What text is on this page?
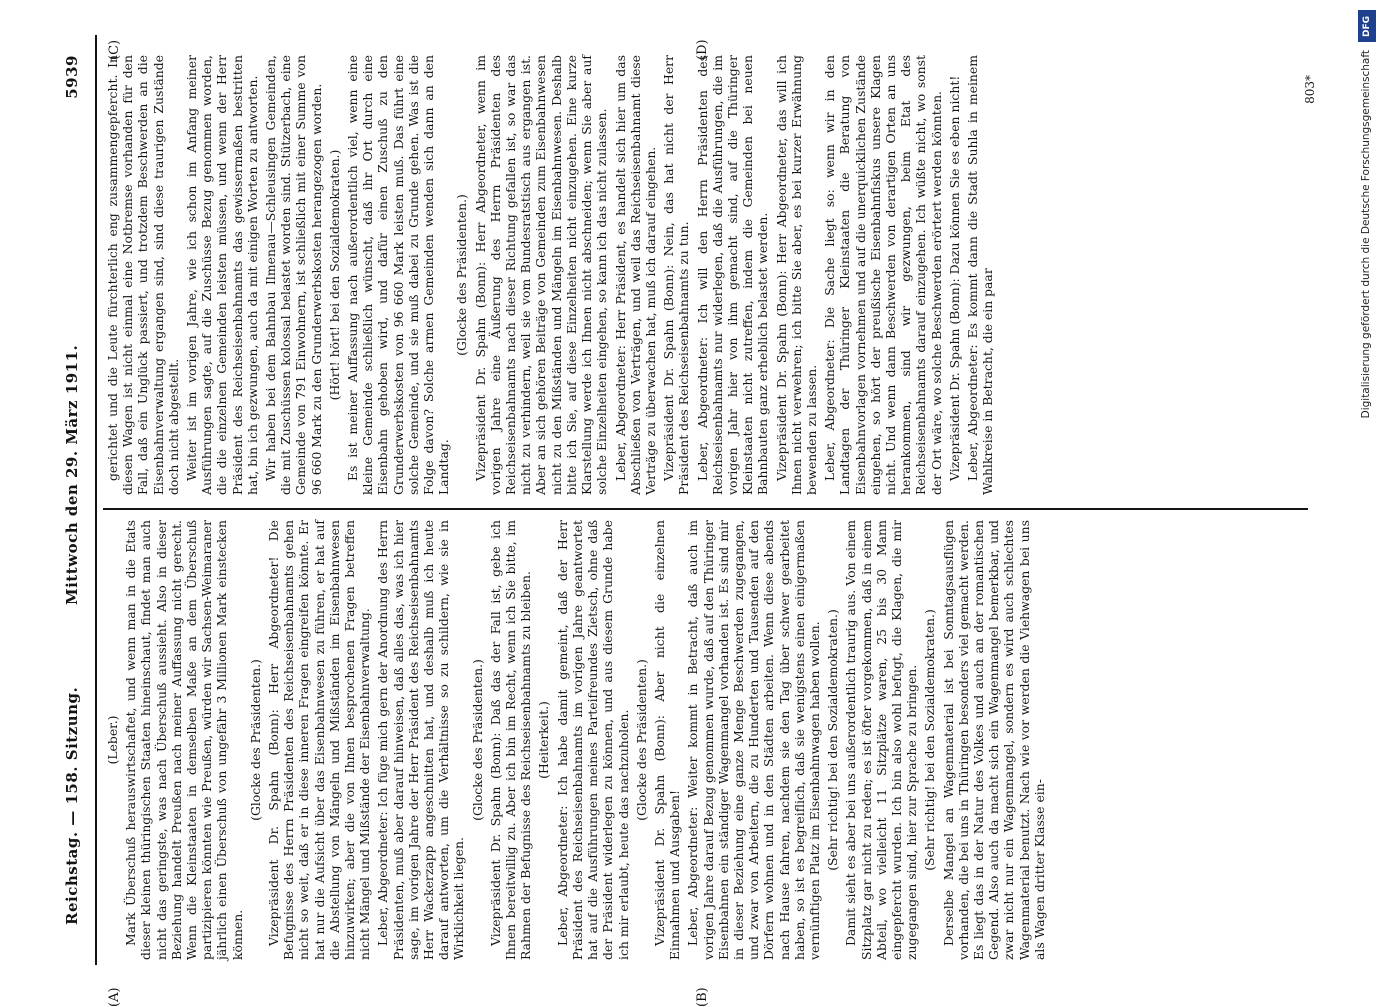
Reichstag. — 158. Sitzung.
Mittwoch den 29. März 1911.
5939
(A)	(B)
(C)	(D)

(Leber.) Mark Überschuß herauswirtschaftet, und wenn man in die Etats dieser kleinen thüringischen Staaten hineinschaut, findet man auch nicht das geringste, was nach Überschuß aussieht. Also in dieser Beziehung handelt Preußen nach meiner Auffassung nicht gerecht. Wenn die Kleinstaaten in demselben Maße an dem Überschuß partizipieren könnten wie Preußen, würden wir Sachsen-Weimaraner jährlich einen Überschuß von ungefähr 3 Millionen Mark einstecken können.

(Glocke des Präsidenten.) Vizepräsident Dr. Spahn (Bonn): Herr Abgeordneter! Die Befugnisse des Herrn Präsidenten des Reichseisenbahnamts gehen nicht so weit, daß er in diese inneren Fragen eingreifen könnte. Er hat nur die Aufsicht über das Eisenbahnwesen zu führen, er hat auf die Abstellung von Mängeln und Mißständen im Eisenbahnwesen hinzuwirken; aber die von Ihnen besprochenen Fragen betreffen nicht Mängel und Mißstände der Eisenbahnverwaltung. Leber, Abgeordneter: Ich füge mich gern der Anordnung des Herrn Präsidenten, muß aber darauf hinweisen, daß alles das, was ich hier sage, im vorigen Jahre der Herr Präsident des Reichseisenbahnamts Herr Wackerzapp angeschnitten hat, und deshalb muß ich heute darauf antworten, um die Verhältnisse so zu schildern, wie sie in Wirklichkeit liegen.

(Glocke des Präsidenten.) Vizepräsident Dr. Spahn (Bonn): Daß das der Fall ist, gebe ich Ihnen bereitwillig zu. Aber ich bin im Recht, wenn ich Sie bitte, im Rahmen der Befugnisse des Reichseisenbahnamts zu bleiben. (Heiterkeit.) Leber, Abgeordneter: Ich habe damit gemeint, daß der Herr Präsident des Reichseisenbahnamts im vorigen Jahre geantwortet hat auf die Ausführungen meines Parteifreundes Zietsch, ohne daß der Präsident widerlegen zu können, und aus diesem Grunde habe ich mir erlaubt, heute das nachzuholen. (Glocke des Präsidenten.) Vizepräsident Dr. Spahn (Bonn): Aber nicht die einzelnen Einnahmen und Ausgaben! Leber, Abgeordneter: Weiter kommt in Betracht, daß auch im vorigen Jahre darauf Bezug genommen wurde, daß auf den Thüringer Eisenbahnen ein ständiger Wagenmangel vorhanden ist. Es sind mir in dieser Beziehung eine ganze Menge Beschwerden zugegangen, und zwar von Arbeitern, die zu Hunderten und Tausenden auf den Dörfern wohnen und in den Städten arbeiten. Wenn diese abends nach Hause fahren, nachdem sie den Tag über schwer gearbeitet haben, so ist es begreiflich, daß sie wenigstens einen einigermaßen vernünftigen Platz im Eisenbahnwagen haben wollen. (Sehr richtig! bei den Sozialdemokraten.) Damit sieht es aber bei uns außerordentlich traurig aus. Von einem Sitzplatz gar nicht zu reden; es ist öfter vorgekommen, daß in einem Abteil, wo vielleicht 11 Sitzplätze waren, 25 bis 30 Mann eingepfercht wurden. Ich bin also wohl befugt, die Klagen, die mir zugegangen sind, hier zur Sprache zu bringen. (Sehr richtig! bei den Sozialdemokraten.) Derselbe Mangel an Wagenmaterial ist bei Sonntagsausflügen vorhanden, die bei uns in Thüringen besonders viel gemacht werden. Es liegt das in der Natur des Volkes und auch an der romantischen Gegend. Also auch da macht sich ein Wagenmangel bemerkbar, und zwar nicht nur ein Wagenmangel, sondern es wird auch schlechtes Wagenmaterial benutzt. Nach wie vor werden die Viehwagen bei uns als Wagen dritter Klasse ein-

gerichtet und die Leute fürchterlich eng zusammengepfercht. In diesen Wagen ist nicht einmal eine Notbremse vorhanden für den Fall, daß ein Unglück passiert, und trotzdem Beschwerden an die Eisenbahnverwaltung ergangen sind, sind diese traurigen Zustände doch nicht abgestellt. Weiter ist im vorigen Jahre, wie ich schon im Anfang meiner Ausführungen sagte, auf die Zuschüsse Bezug genommen worden, die die einzelnen Gemeinden leisten müssen, und wenn der Herr Präsident des Reichseisenbahnamts das gewissermaßen bestritten hat, bin ich gezwungen, auch da mit einigen Worten zu antworten. Wir haben bei dem Bahnbau Ilmenau—Schleusingen Gemeinden, die mit Zuschüssen kolossal belastet worden sind. Stützerbach, eine Gemeinde von 791 Einwohnern, ist schließlich mit einer Summe von 96 660 Mark zu den Grunderwerbskosten herangezogen worden. (Hört! hört! bei den Sozialdemokraten.) Es ist meiner Auffassung nach außerordentlich viel, wenn eine kleine Gemeinde schließlich wünscht, daß ihr Ort durch eine Eisenbahn gehoben wird, und dafür einen Zuschuß zu den Grunderwerbskosten von 96 660 Mark leisten muß. Das führt eine solche Gemeinde, und sie muß dabei zu Grunde gehen. Was ist die Folge davon? Solche armen Gemeinden wenden sich dann an den Landtag.

(Glocke des Präsidenten.) Vizepräsident Dr. Spahn (Bonn): Herr Abgeordneter, wenn im vorigen Jahre eine Äußerung des Herrn Präsidenten des Reichseisenbahnamts nach dieser Richtung gefallen ist, so war das nicht zu verhindern, weil sie vom Bundesratstisch aus ergangen ist. Aber an sich gehören Beiträge von Gemeinden zum Eisenbahnwesen nicht zu den Mißständen und Mängeln im Eisenbahnwesen. Deshalb bitte ich Sie, auf diese Einzelheiten nicht einzugehen. Eine kurze Klarstellung werde ich Ihnen nicht abschneiden; wenn Sie aber auf solche Einzelheiten eingehen, so kann ich das nicht zulassen. Leber, Abgeordneter: Herr Präsident, es handelt sich hier um das Abschließen von Verträgen, und weil das Reichseisenbahnamt diese Verträge zu überwachen hat, muß ich darauf eingehen. Vizepräsident Dr. Spahn (Bonn): Nein, das hat nicht der Herr Präsident des Reichseisenbahnamts zu tun. Leber, Abgeordneter: Ich will den Herrn Präsidenten des Reichseisenbahnamts nur widerlegen, daß die Ausführungen, die im vorigen Jahr hier von ihm gemacht sind, auf die Thüringer Kleinstaaten nicht zutreffen, indem die Gemeinden bei neuen Bahnbauten ganz erheblich belastet werden. Vizepräsident Dr. Spahn (Bonn): Herr Abgeordneter, das will ich Ihnen nicht verwehren; ich bitte Sie aber, es bei kurzer Erwähnung bewenden zu lassen. Leber, Abgeordneter: Die Sache liegt so: wenn wir in den Landtagen der Thüringer Kleinstaaten die Beratung von Eisenbahnvorlagen vornehmen und auf die unerquicklichen Zustände eingehen, so hört der preußische Eisenbahnfiskus unsere Klagen nicht. Und wenn dann Beschwerden von derartigen Orten an uns herankommen, sind wir gezwungen, beim Etat des Reichseisenbahnamts darauf einzugehen. Ich wüßte nicht, wo sonst der Ort wäre, wo solche Beschwerden erörtert werden könnten. Vizepräsident Dr. Spahn (Bonn): Dazu können Sie es eben nicht! Leber, Abgeordneter: Es kommt dann die Stadt Suhla in meinem Wahlkreise in Betracht, die ein paar

803*
DFG
Digitalisierung gefördert durch die Deutsche Forschungsgemeinschaft
